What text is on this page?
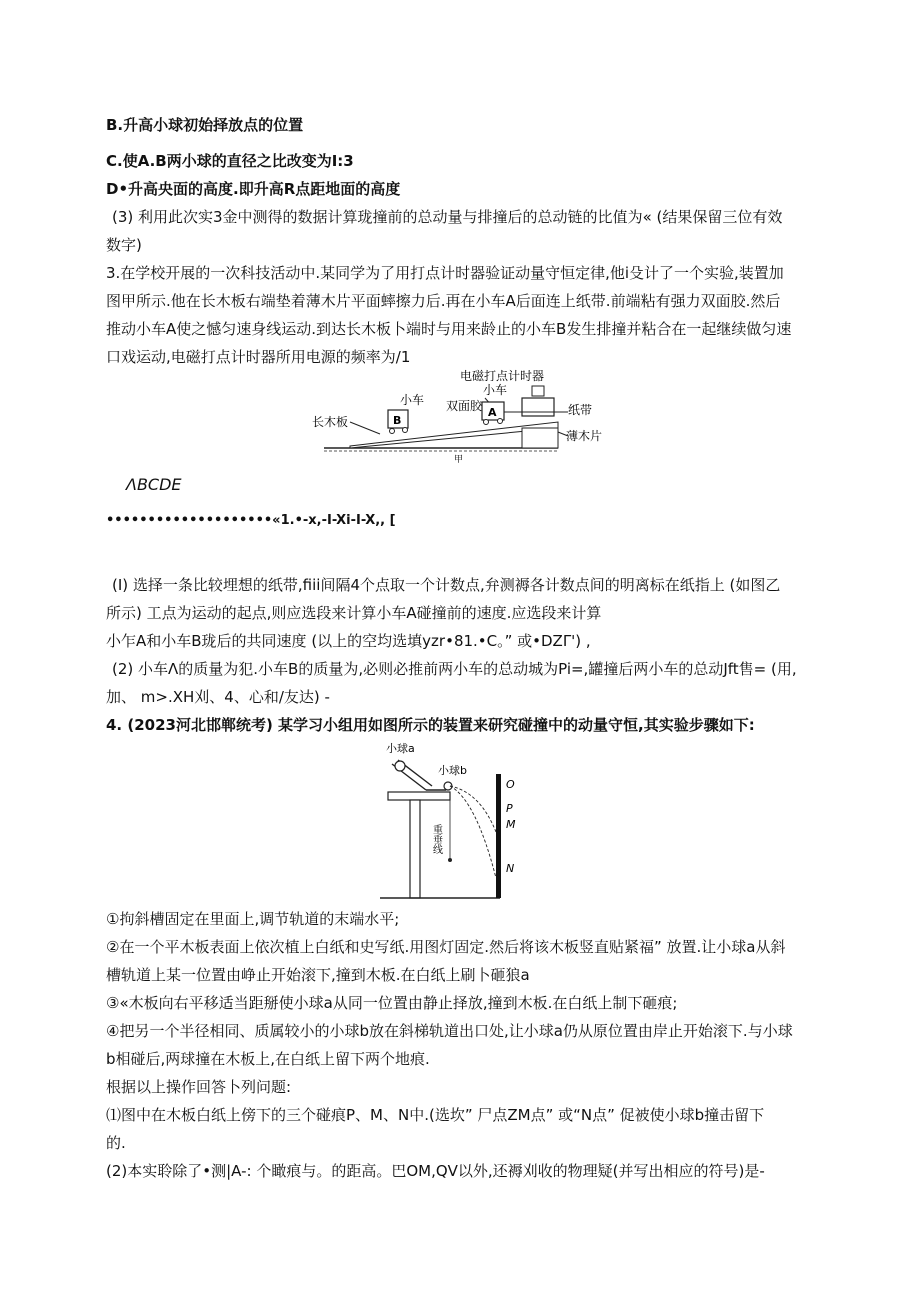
B.升高小球初始择放点的位置
C.使A.B两小球的直径之比改变为I:3
D•升高央面的高度.即升高R点距地面的高度
(3) 利用此次实3金中测得的数据计算珑撞前的总动量与排撞后的总动链的比值为« (结果保留三位有效
数字)
3.在学校开展的一次科技活动中.某同学为了用打点计时器验证动量守恒定律,他i殳计了一个实验,装置加
图甲所示.他在长木板右端垫着薄木片平面蟀擦力后.再在小车A后面连上纸带.前端粘有强力双面胶.然后
推动小车A使之憾匀速身线运动.到达长木板卜端时与用来龄止的小车B发生排撞并粘合在一起继续做匀速
口戏运动,电磁打点计时器所用电源的频率为/1
电磁打点计时器
小车
小车
双面胶	纸带
长木板
薄木片
B
A
甲
ΛBCDE
••••••••••••••••••••«1.•-x,-I-Xi-I-X,, [
(I) 选择一条比较埋想的纸带,fiii间隔4个点取一个计数点,弁测褥各计数点间的明离标在纸指上 (如图乙
所示) 工点为运动的起点,则应选段来计算小车A碰撞前的速度.应选段来计算
小乍A和小车B珑后的共同速度 (以上的空均选填yzr•81.•C。” 或•DZΓ') ,
(2) 小车Λ的质量为犯.小车B的质量为,必则必推前两小车的总动城为Pi=,罐撞后两小车的总动Jft售= (用,
加、 m>.XH刈、4、心和/友达) -
4. (2023河北邯郸统考) 某学习小组用如图所示的装置来研究碰撞中的动量守恒,其实验步骤如下:
小球a
小球b
重垂线
O
P
M
N
①拘斜槽固定在里面上,调节轨道的末端水平;
②在一个平木板表面上依次植上白纸和史写纸.用图灯固定.然后将该木板竖直贴紧福” 放置.让小球a从斜
槽轨道上某一位置由峥止开始滚下,撞到木板.在白纸上刷卜砸狼a
③«木板向右平移适当距掰使小球a从同一位置由静止择放,撞到木板.在白纸上制下砸痕;
④把另一个半径相同、质属较小的小球b放在斜梯轨道出口处,让小球a仍从原位置由岸止开始滚下.与小球
b相碰后,两球撞在木板上,在白纸上留下两个地痕.
根据以上操作回答卜列问题:
⑴图中在木板白纸上傍下的三个碰痕P、M、N中.(选坎” 尸点ZM点” 或“N点” 促被使小球b撞击留下
的.
(2)本实聆除了•测|A-: 个瞰痕与。的距高。巴OM,QV以外,还褥刈收的物理疑(并写出相应的符号)是-
